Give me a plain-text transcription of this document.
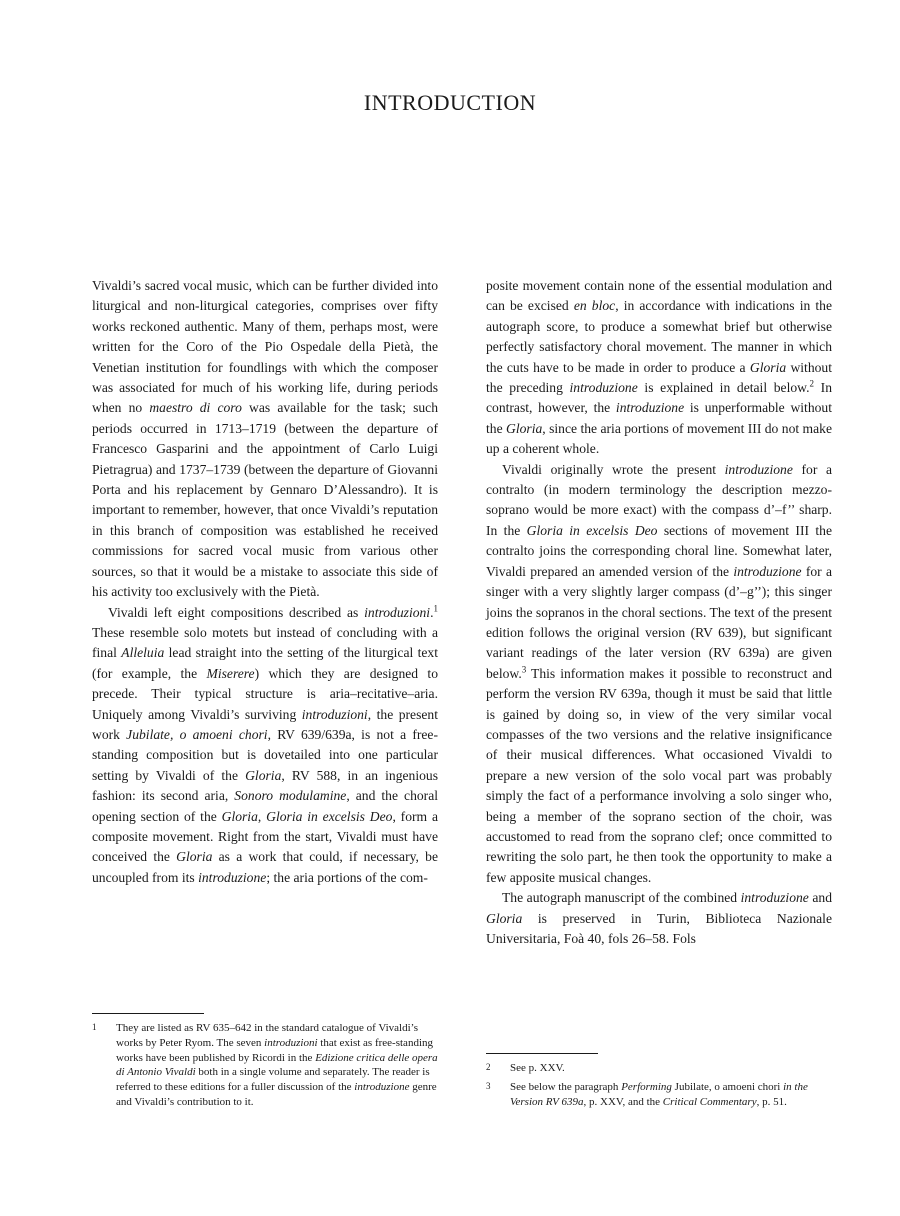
INTRODUCTION

Vivaldi’s sacred vocal music, which can be further divided into liturgical and non-liturgical categories, comprises over fifty works reckoned authentic. Many of them, perhaps most, were written for the Coro of the Pio Ospedale della Pietà, the Venetian institution for foundlings with which the composer was associated for much of his working life, during periods when no maestro di coro was available for the task; such periods occurred in 1713–1719 (between the departure of Francesco Gasparini and the appointment of Carlo Luigi Pietragrua) and 1737–1739 (between the departure of Giovanni Porta and his replacement by Gennaro D’Alessandro). It is important to remember, however, that once Vivaldi’s reputation in this branch of composition was established he received commissions for sacred vocal music from various other sources, so that it would be a mistake to associate this side of his activity too exclusively with the Pietà.

Vivaldi left eight compositions described as introduzioni.$^1$ These resemble solo motets but instead of concluding with a final Alleluia lead straight into the setting of the liturgical text (for example, the Miserere) which they are designed to precede. Their typical structure is aria–recitative–aria. Uniquely among Vivaldi’s surviving introduzioni, the present work Jubilate, o amoeni chori, RV 639/639a, is not a free-standing composition but is dovetailed into one particular setting by Vivaldi of the Gloria, RV 588, in an ingenious fashion: its second aria, Sonoro modulamine, and the choral opening section of the Gloria, Gloria in excelsis Deo, form a composite movement. Right from the start, Vivaldi must have conceived the Gloria as a work that could, if necessary, be uncoupled from its introduzione; the aria portions of the com-

posite movement contain none of the essential modulation and can be excised en bloc, in accordance with indications in the autograph score, to produce a somewhat brief but otherwise perfectly satisfactory choral movement. The manner in which the cuts have to be made in order to produce a Gloria without the preceding introduzione is explained in detail below.$^2$ In contrast, however, the introduzione is unperformable without the Gloria, since the aria portions of movement III do not make up a coherent whole.

Vivaldi originally wrote the present introduzione for a contralto (in modern terminology the description mezzo-soprano would be more exact) with the compass d’–f’’ sharp. In the Gloria in excelsis Deo sections of movement III the contralto joins the corresponding choral line. Somewhat later, Vivaldi prepared an amended version of the introduzione for a singer with a very slightly larger compass (d’–g’’); this singer joins the sopranos in the choral sections. The text of the present edition follows the original version (RV 639), but significant variant readings of the later version (RV 639a) are given below.$^3$ This information makes it possible to reconstruct and perform the version RV 639a, though it must be said that little is gained by doing so, in view of the very similar vocal compasses of the two versions and the relative insignificance of their musical differences. What occasioned Vivaldi to prepare a new version of the solo vocal part was probably simply the fact of a performance involving a solo singer who, being a member of the soprano section of the choir, was accustomed to read from the soprano clef; once committed to rewriting the solo part, he then took the opportunity to make a few apposite musical changes.

The autograph manuscript of the combined introduzione and Gloria is preserved in Turin, Biblioteca Nazionale Universitaria, Foà 40, fols 26–58. Fols

1	They are listed as RV 635–642 in the standard catalogue of Vivaldi’s works by Peter Ryom. The seven introduzioni that exist as free-standing works have been published by Ricordi in the Edizione critica delle opera di Antonio Vivaldi both in a single volume and separately. The reader is referred to these editions for a fuller discussion of the introduzione genre and Vivaldi’s contribution to it.
2	See p. XXV.
3	See below the paragraph Performing Jubilate, o amoeni chori in the Version RV 639a, p. XXV, and the Critical Commentary, p. 51.
